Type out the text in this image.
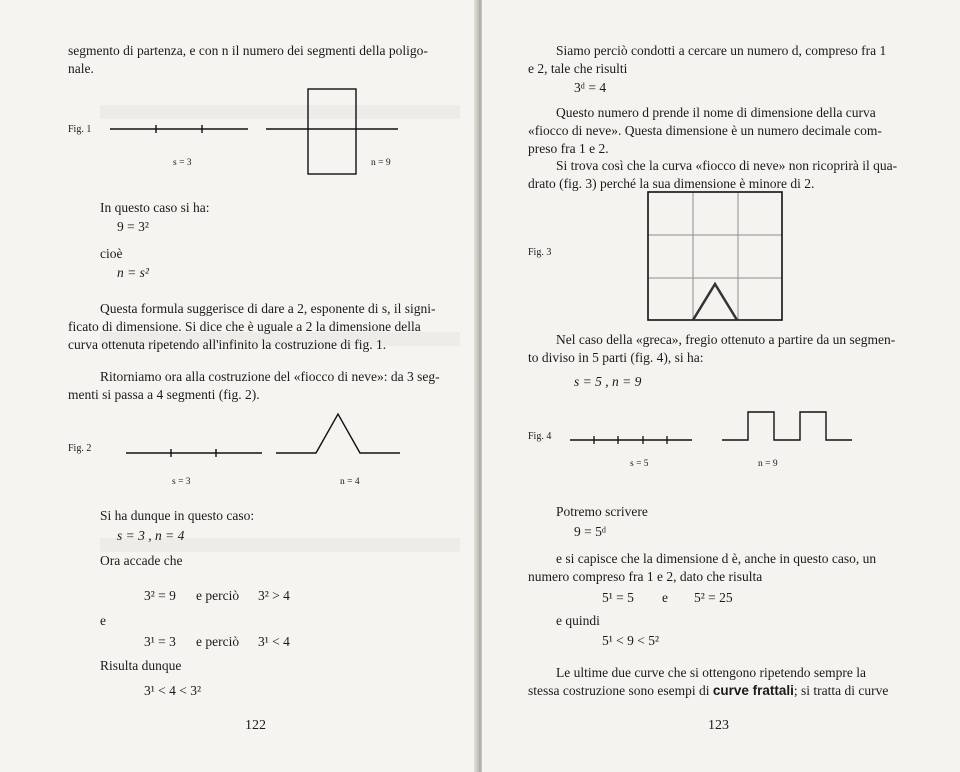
segmento di partenza, e con n il numero dei segmenti della poligo-
nale.
Fig. 1
s = 3	n = 9
In questo caso si ha:
9 = 3²
cioè
n = s²
Questa formula suggerisce di dare a 2, esponente di s, il signi-
ficato di dimensione. Si dice che è uguale a 2 la dimensione della
curva ottenuta ripetendo all'infinito la costruzione di fig. 1.
Ritorniamo ora alla costruzione del «fiocco di neve»: da 3 seg-
menti si passa a 4 segmenti (fig. 2).
Fig. 2
s = 3	n = 4
Si ha dunque in questo caso:
s = 3 , n = 4
Ora accade che
3² = 9 e perciò 3² > 4
e
3¹ = 3 e perciò 3¹ < 4
Risulta dunque
3¹ < 4 < 3²
122
Siamo perciò condotti a cercare un numero d, compreso fra 1
e 2, tale che risulti
3ᵈ = 4
Questo numero d prende il nome di dimensione della curva
«fiocco di neve». Questa dimensione è un numero decimale com-
preso fra 1 e 2.
Si trova così che la curva «fiocco di neve» non ricoprirà il qua-
drato (fig. 3) perché la sua dimensione è minore di 2.
Fig. 3
Nel caso della «greca», fregio ottenuto a partire da un segmen-
to diviso in 5 parti (fig. 4), si ha:
s = 5 , n = 9
Fig. 4
s = 5	n = 9
Potremo scrivere
9 = 5ᵈ
e si capisce che la dimensione d è, anche in questo caso, un
numero compreso fra 1 e 2, dato che risulta
5¹ = 5 e 5² = 25
e quindi
5¹ < 9 < 5²
Le ultime due curve che si ottengono ripetendo sempre la
stessa costruzione sono esempi di curve frattali; si tratta di curve
123
